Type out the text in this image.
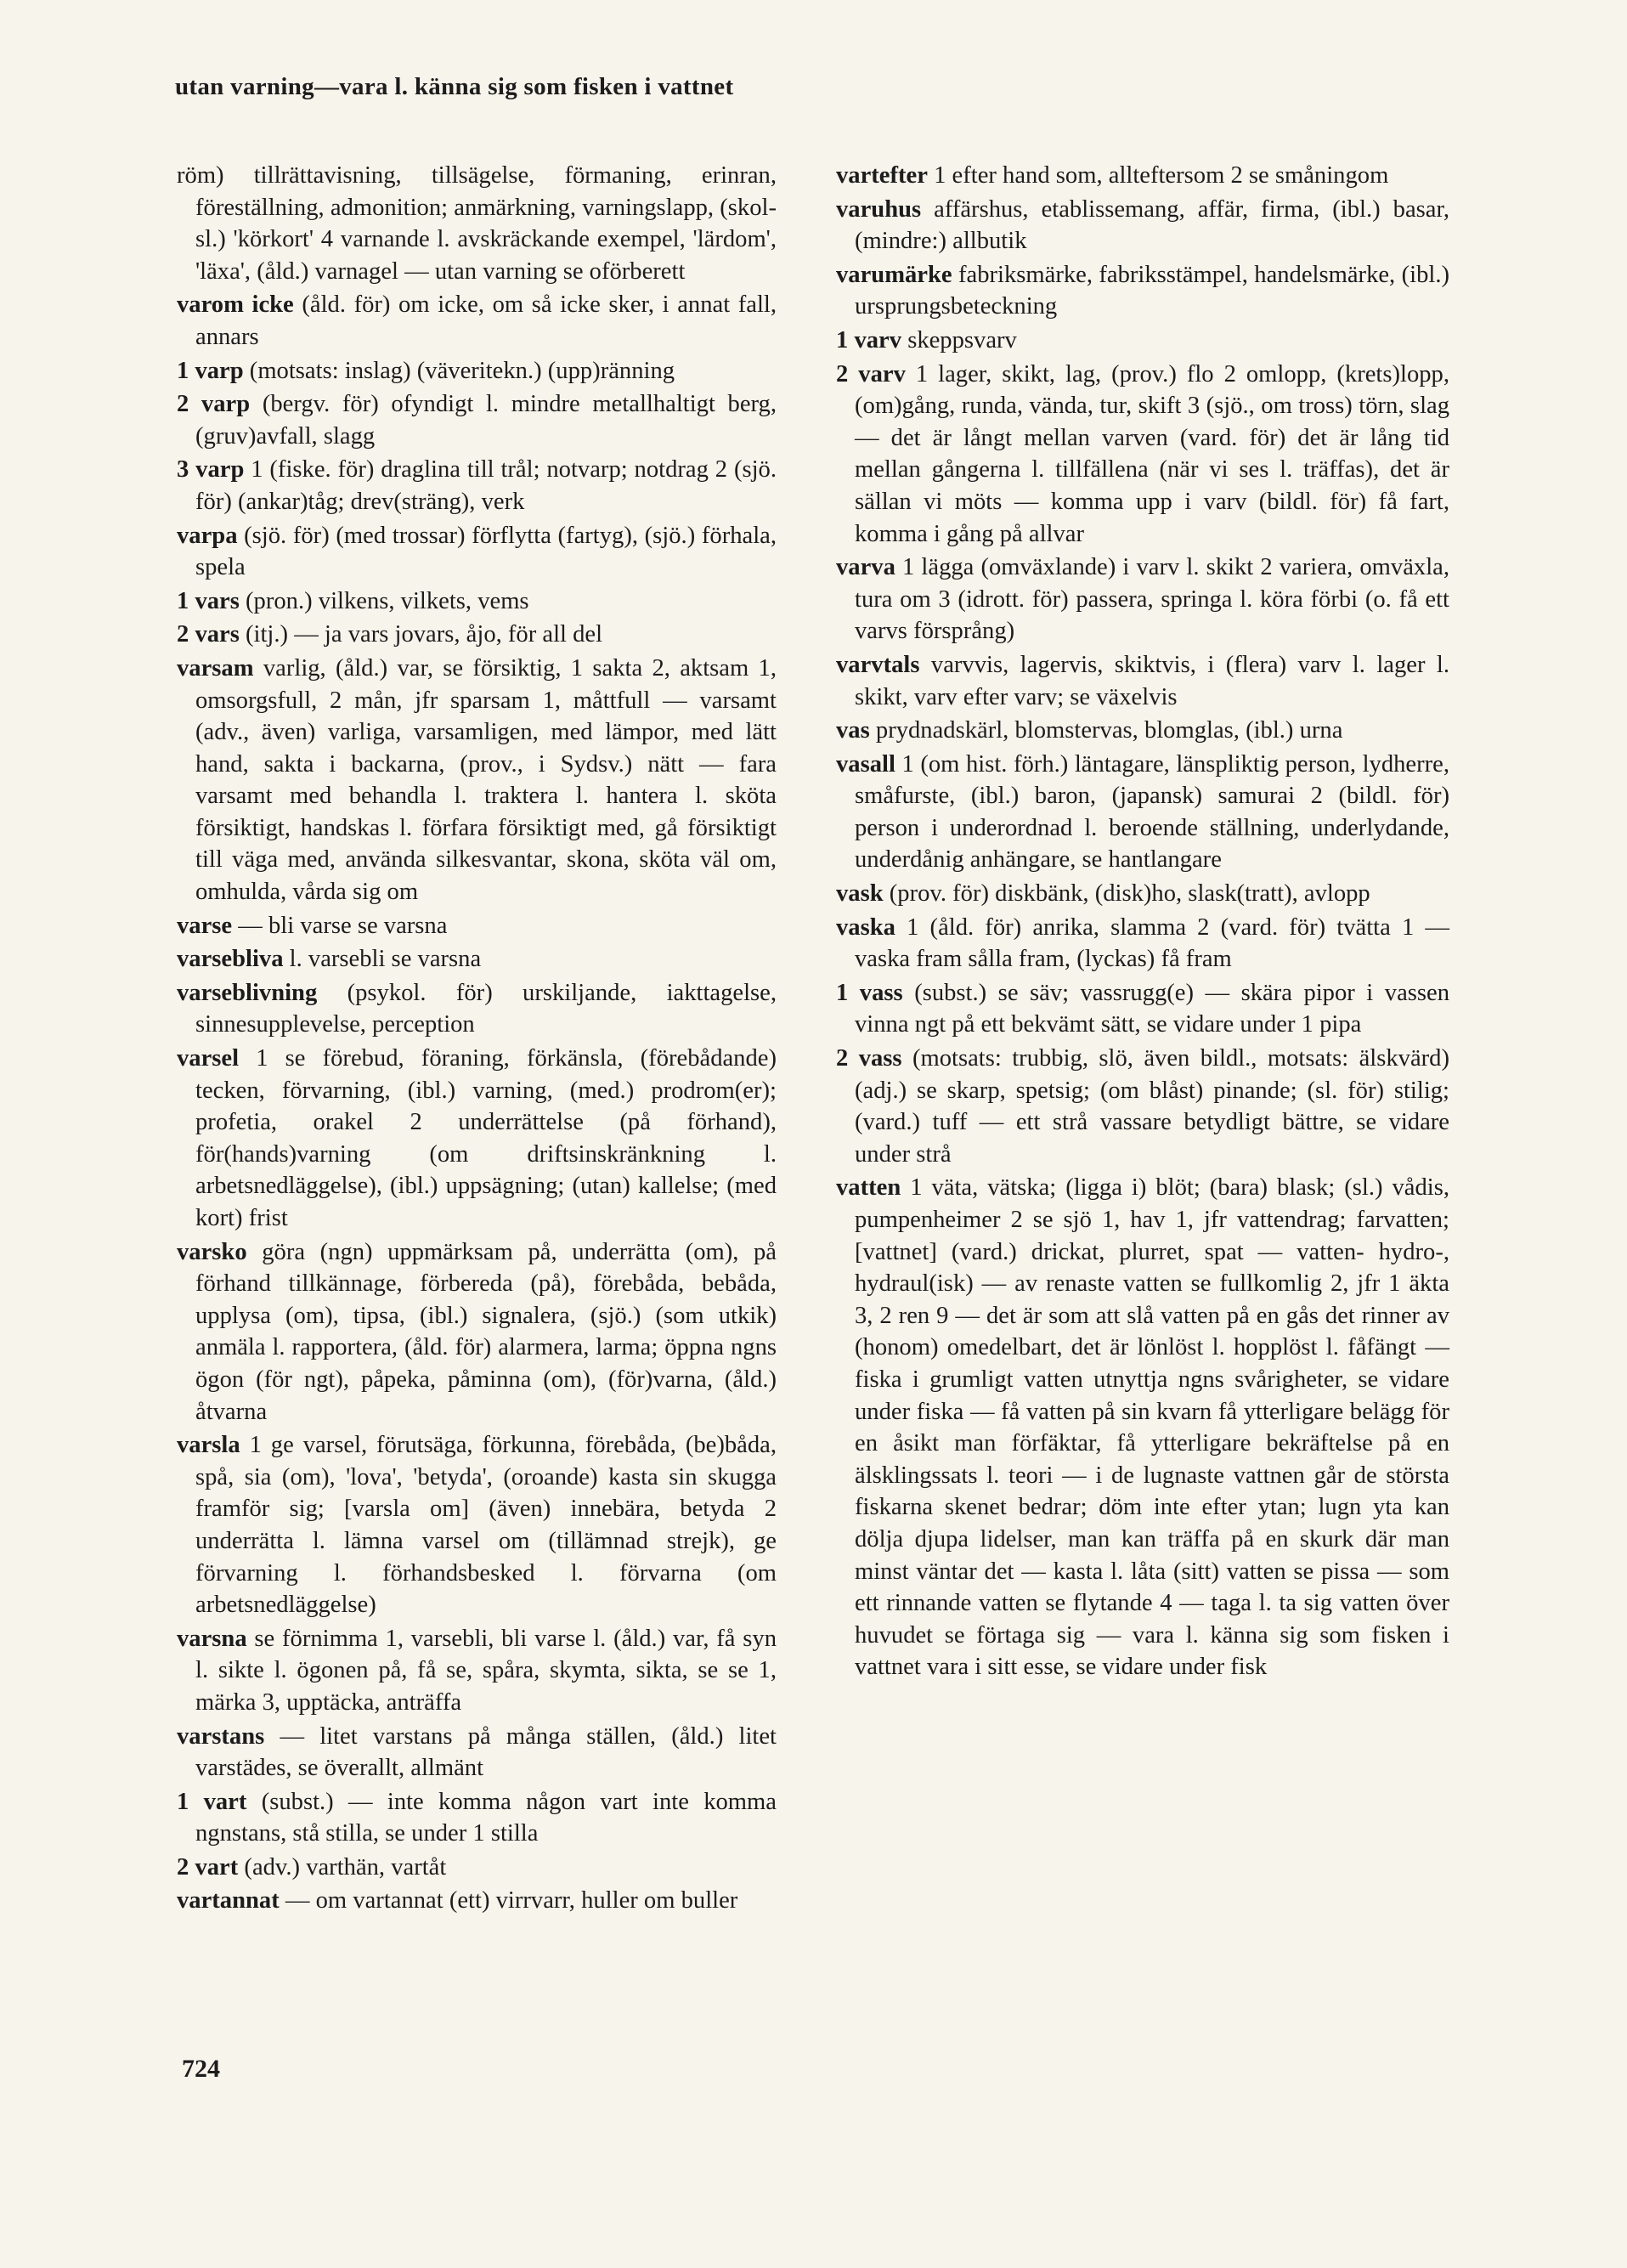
utan varning—vara l. känna sig som fisken i vattnet

röm) tillrättavisning, tillsägelse, förmaning, erinran, föreställning, admonition; anmärkning, varningslapp, (skol-sl.) 'körkort' 4 varnande l. avskräckande exempel, 'lärdom', 'läxa', (åld.) varnagel — utan varning se oförberett

varom icke (åld. för) om icke, om så icke sker, i annat fall, annars

1 varp (motsats: inslag) (väveritekn.) (upp)ränning

2 varp (bergv. för) ofyndigt l. mindre metallhaltigt berg, (gruv)avfall, slagg

3 varp 1 (fiske. för) draglina till trål; notvarp; notdrag 2 (sjö. för) (ankar)tåg; drev(sträng), verk

varpa (sjö. för) (med trossar) förflytta (fartyg), (sjö.) förhala, spela

1 vars (pron.) vilkens, vilkets, vems

2 vars (itj.) — ja vars jovars, åjo, för all del

varsam varlig, (åld.) var, se försiktig, 1 sakta 2, aktsam 1, omsorgsfull, 2 mån, jfr sparsam 1, måttfull — varsamt (adv., även) varliga, varsamligen, med lämpor, med lätt hand, sakta i backarna, (prov., i Sydsv.) nätt — fara varsamt med behandla l. traktera l. hantera l. sköta försiktigt, handskas l. förfara försiktigt med, gå försiktigt till väga med, använda silkesvantar, skona, sköta väl om, omhulda, vårda sig om

varse — bli varse se varsna

varsebliva l. varsebli se varsna

varseblivning (psykol. för) urskiljande, iakttagelse, sinnesupplevelse, perception

varsel 1 se förebud, föraning, förkänsla, (förebådande) tecken, förvarning, (ibl.) varning, (med.) prodrom(er); profetia, orakel 2 underrättelse (på förhand), för(hands)varning (om driftsinskränkning l. arbetsnedläggelse), (ibl.) uppsägning; (utan) kallelse; (med kort) frist

varsko göra (ngn) uppmärksam på, underrätta (om), på förhand tillkännage, förbereda (på), förebåda, bebåda, upplysa (om), tipsa, (ibl.) signalera, (sjö.) (som utkik) anmäla l. rapportera, (åld. för) alarmera, larma; öppna ngns ögon (för ngt), påpeka, påminna (om), (för)varna, (åld.) åtvarna

varsla 1 ge varsel, förutsäga, förkunna, förebåda, (be)båda, spå, sia (om), 'lova', 'betyda', (oroande) kasta sin skugga framför sig; [varsla om] (även) innebära, betyda 2 underrätta l. lämna varsel om (tillämnad strejk), ge förvarning l. förhandsbesked l. förvarna (om arbetsnedläggelse)

varsna se förnimma 1, varsebli, bli varse l. (åld.) var, få syn l. sikte l. ögonen på, få se, spåra, skymta, sikta, se se 1, märka 3, upptäcka, anträffa

varstans — litet varstans på många ställen, (åld.) litet varstädes, se överallt, allmänt

1 vart (subst.) — inte komma någon vart inte komma ngnstans, stå stilla, se under 1 stilla

2 vart (adv.) varthän, vartåt

vartannat — om vartannat (ett) virrvarr, huller om buller

vartefter 1 efter hand som, allteftersom 2 se småningom

varuhus affärshus, etablissemang, affär, firma, (ibl.) basar, (mindre:) allbutik

varumärke fabriksmärke, fabriksstämpel, handelsmärke, (ibl.) ursprungsbeteckning

1 varv skeppsvarv

2 varv 1 lager, skikt, lag, (prov.) flo 2 omlopp, (krets)lopp, (om)gång, runda, vända, tur, skift 3 (sjö., om tross) törn, slag — det är långt mellan varven (vard. för) det är lång tid mellan gångerna l. tillfällena (när vi ses l. träffas), det är sällan vi möts — komma upp i varv (bildl. för) få fart, komma i gång på allvar

varva 1 lägga (omväxlande) i varv l. skikt 2 variera, omväxla, tura om 3 (idrott. för) passera, springa l. köra förbi (o. få ett varvs försprång)

varvtals varvvis, lagervis, skiktvis, i (flera) varv l. lager l. skikt, varv efter varv; se växelvis

vas prydnadskärl, blomstervas, blomglas, (ibl.) urna

vasall 1 (om hist. förh.) läntagare, länspliktig person, lydherre, småfurste, (ibl.) baron, (japansk) samurai 2 (bildl. för) person i underordnad l. beroende ställning, underlydande, underdånig anhängare, se hantlangare

vask (prov. för) diskbänk, (disk)ho, slask(tratt), avlopp

vaska 1 (åld. för) anrika, slamma 2 (vard. för) tvätta 1 — vaska fram sålla fram, (lyckas) få fram

1 vass (subst.) se säv; vassrugg(e) — skära pipor i vassen vinna ngt på ett bekvämt sätt, se vidare under 1 pipa

2 vass (motsats: trubbig, slö, även bildl., motsats: älskvärd) (adj.) se skarp, spetsig; (om blåst) pinande; (sl. för) stilig; (vard.) tuff — ett strå vassare betydligt bättre, se vidare under strå

vatten 1 väta, vätska; (ligga i) blöt; (bara) blask; (sl.) vådis, pumpenheimer 2 se sjö 1, hav 1, jfr vattendrag; farvatten; [vattnet] (vard.) drickat, plurret, spat — vatten- hydro-, hydraul(isk) — av renaste vatten se fullkomlig 2, jfr 1 äkta 3, 2 ren 9 — det är som att slå vatten på en gås det rinner av (honom) omedelbart, det är lönlöst l. hopplöst l. fåfängt — fiska i grumligt vatten utnyttja ngns svårigheter, se vidare under fiska — få vatten på sin kvarn få ytterligare belägg för en åsikt man förfäktar, få ytterligare bekräftelse på en älsklingssats l. teori — i de lugnaste vattnen går de största fiskarna skenet bedrar; döm inte efter ytan; lugn yta kan dölja djupa lidelser, man kan träffa på en skurk där man minst väntar det — kasta l. låta (sitt) vatten se pissa — som ett rinnande vatten se flytande 4 — taga l. ta sig vatten över huvudet se förtaga sig — vara l. känna sig som fisken i vattnet vara i sitt esse, se vidare under fisk

724
